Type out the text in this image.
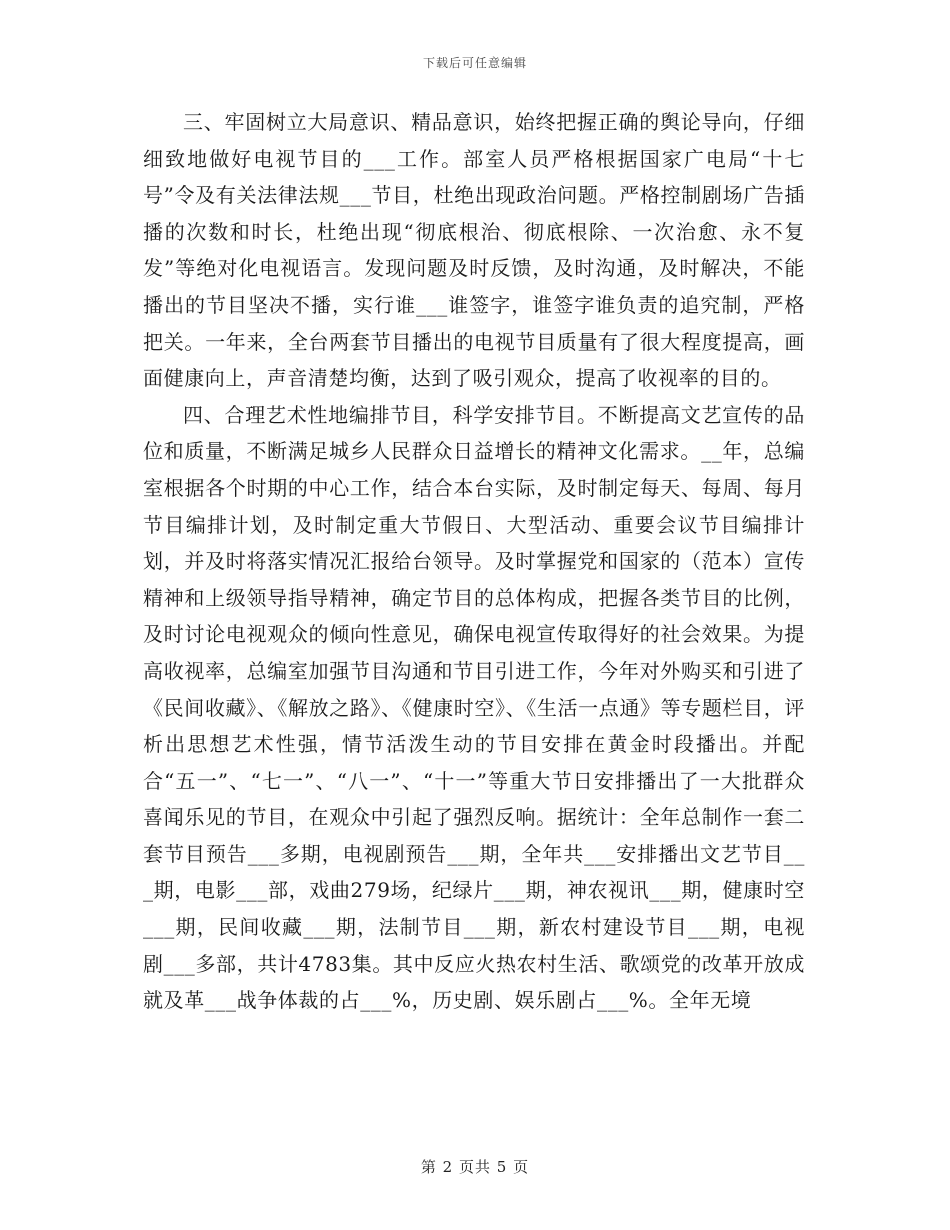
下载后可任意编辑

三、牢固树立大局意识、精品意识，始终把握正确的舆论导向，仔细细致地做好电视节目的___工作。部室人员严格根据国家广电局“十七号”令及有关法律法规___节目，杜绝出现政治问题。严格控制剧场广告插播的次数和时长，杜绝出现“彻底根治、彻底根除、一次治愈、永不复发”等绝对化电视语言。发现问题及时反馈，及时沟通，及时解决，不能播出的节目坚决不播，实行谁___谁签字，谁签字谁负责的追究制，严格把关。一年来，全台两套节目播出的电视节目质量有了很大程度提高，画面健康向上，声音清楚均衡，达到了吸引观众，提高了收视率的目的。

四、合理艺术性地编排节目，科学安排节目。不断提高文艺宣传的品位和质量，不断满足城乡人民群众日益增长的精神文化需求。__年，总编室根据各个时期的中心工作，结合本台实际，及时制定每天、每周、每月节目编排计划，及时制定重大节假日、大型活动、重要会议节目编排计划，并及时将落实情况汇报给台领导。及时掌握党和国家的（范本）宣传精神和上级领导指导精神，确定节目的总体构成，把握各类节目的比例，及时讨论电视观众的倾向性意见，确保电视宣传取得好的社会效果。为提高收视率，总编室加强节目沟通和节目引进工作，今年对外购买和引进了《民间收藏》、《解放之路》、《健康时空》、《生活一点通》等专题栏目，评析出思想艺术性强，情节活泼生动的节目安排在黄金时段播出。并配合“五一”、“七一”、“八一”、“十一”等重大节日安排播出了一大批群众喜闻乐见的节目，在观众中引起了强烈反响。据统计：全年总制作一套二套节目预告___多期，电视剧预告___期，全年共___安排播出文艺节目___期，电影___部，戏曲279场，纪绿片___期，神农视讯___期，健康时空___期，民间收藏___期，法制节目___期，新农村建设节目___期，电视剧___多部，共计4783集。其中反应火热农村生活、歌颂党的改革开放成就及革___战争体裁的占___%，历史剧、娱乐剧占___%。全年无境

第 2 页共 5 页
